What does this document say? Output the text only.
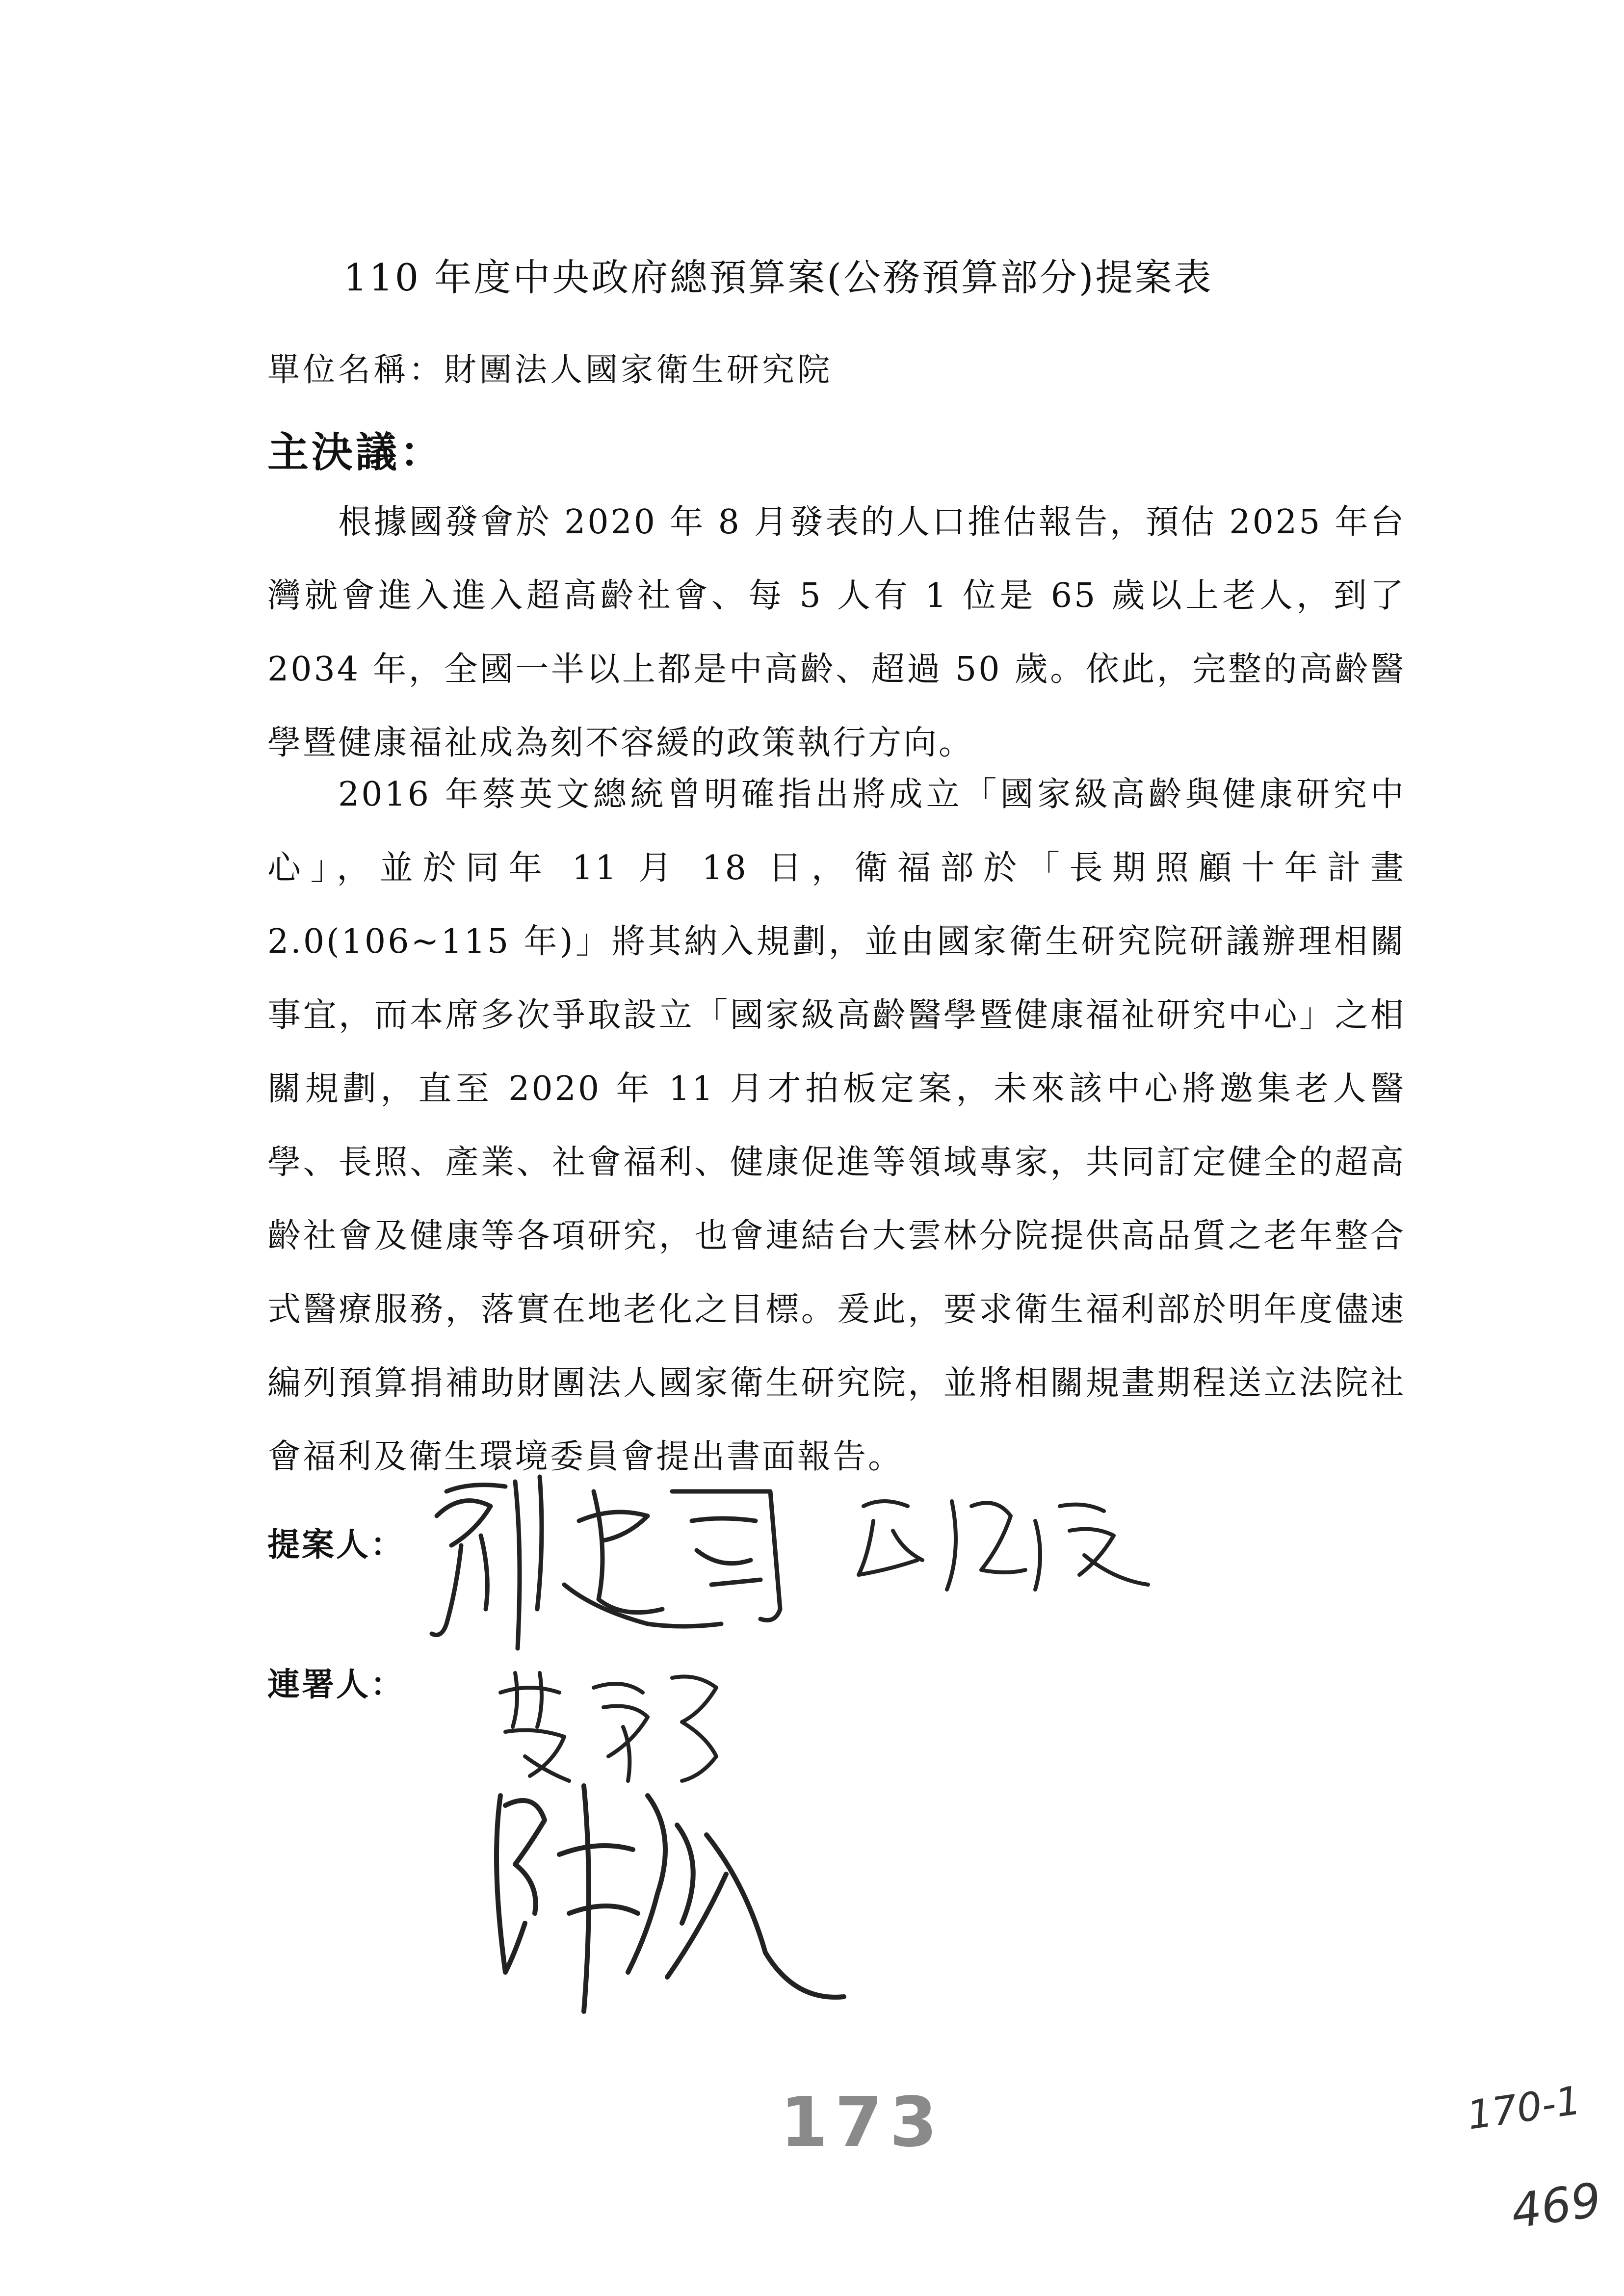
110 年度中央政府總預算案(公務預算部分)提案表
單位名稱：財團法人國家衛生研究院
主決議：

根據國發會於 2020 年 8 月發表的人口推估報告，預估 2025 年台灣就會進入進入超高齡社會、每 5 人有 1 位是 65 歲以上老人，到了 2034 年，全國一半以上都是中高齡、超過 50 歲。依此，完整的高齡醫學暨健康福祉成為刻不容緩的政策執行方向。

2016 年蔡英文總統曾明確指出將成立「國家級高齡與健康研究中心」，並於同年 11 月 18 日，衛福部於「長期照顧十年計畫 2.0(106~115 年)」將其納入規劃，並由國家衛生研究院研議辦理相關事宜，而本席多次爭取設立「國家級高齡醫學暨健康福祉研究中心」之相關規劃，直至 2020 年 11 月才拍板定案，未來該中心將邀集老人醫學、長照、產業、社會福利、健康促進等領域專家，共同訂定健全的超高齡社會及健康等各項研究，也會連結台大雲林分院提供高品質之老年整合式醫療服務，落實在地老化之目標。爰此，要求衛生福利部於明年度儘速編列預算捐補助財團法人國家衛生研究院，並將相關規畫期程送立法院社會福利及衛生環境委員會提出書面報告。

提案人：
連署人：
173	170-1
469
